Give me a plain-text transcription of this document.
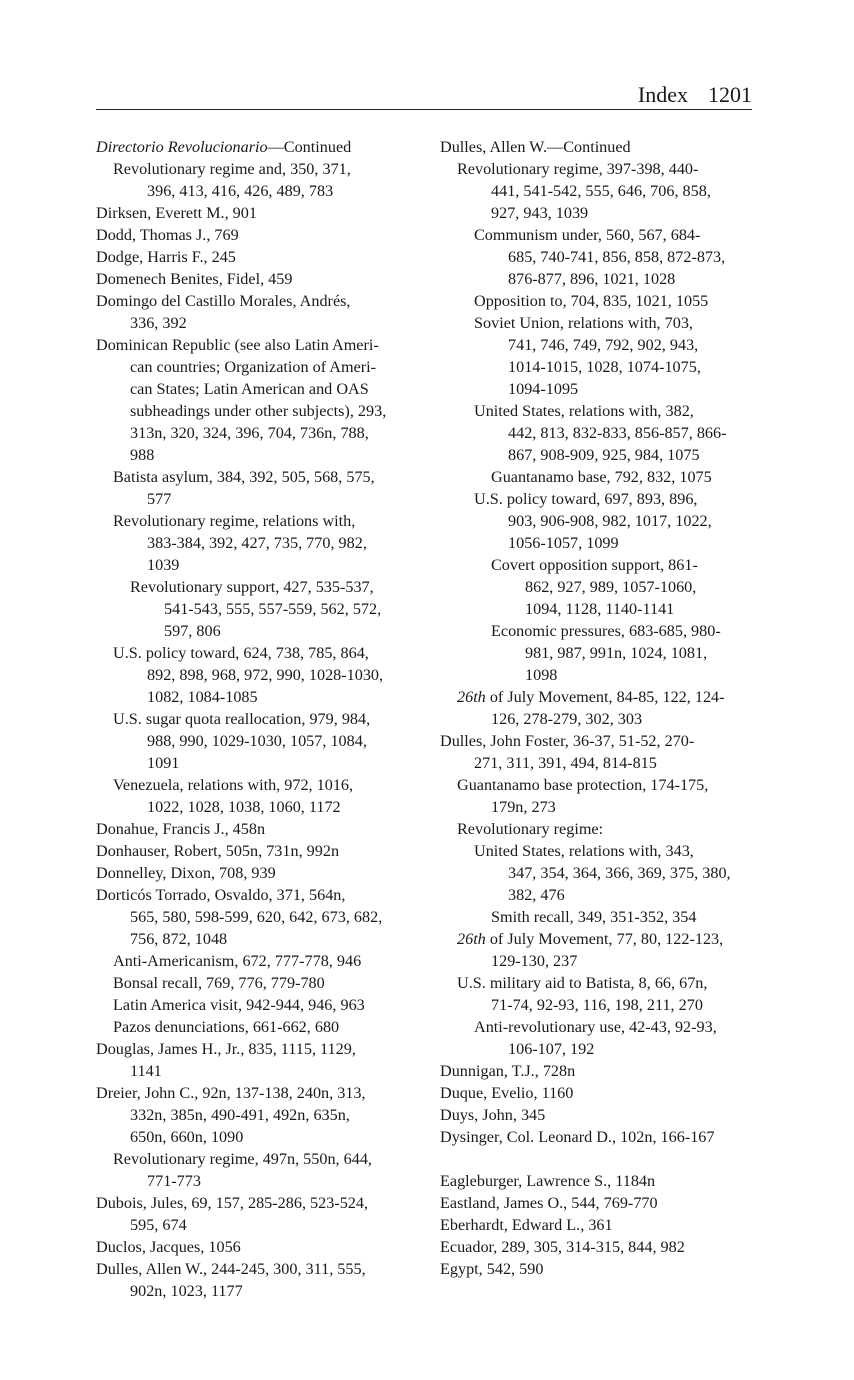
Index 1201
Directorio Revolucionario—Continued
Revolutionary regime and, 350, 371,
396, 413, 416, 426, 489, 783
Dirksen, Everett M., 901
Dodd, Thomas J., 769
Dodge, Harris F., 245
Domenech Benites, Fidel, 459
Domingo del Castillo Morales, Andrés,
336, 392
Dominican Republic (see also Latin Ameri-
can countries; Organization of Ameri-
can States; Latin American and OAS
subheadings under other subjects), 293,
313n, 320, 324, 396, 704, 736n, 788,
988
Batista asylum, 384, 392, 505, 568, 575,
577
Revolutionary regime, relations with,
383-384, 392, 427, 735, 770, 982,
1039
Revolutionary support, 427, 535-537,
541-543, 555, 557-559, 562, 572,
597, 806
U.S. policy toward, 624, 738, 785, 864,
892, 898, 968, 972, 990, 1028-1030,
1082, 1084-1085
U.S. sugar quota reallocation, 979, 984,
988, 990, 1029-1030, 1057, 1084,
1091
Venezuela, relations with, 972, 1016,
1022, 1028, 1038, 1060, 1172
Donahue, Francis J., 458n
Donhauser, Robert, 505n, 731n, 992n
Donnelley, Dixon, 708, 939
Dorticós Torrado, Osvaldo, 371, 564n,
565, 580, 598-599, 620, 642, 673, 682,
756, 872, 1048
Anti-Americanism, 672, 777-778, 946
Bonsal recall, 769, 776, 779-780
Latin America visit, 942-944, 946, 963
Pazos denunciations, 661-662, 680
Douglas, James H., Jr., 835, 1115, 1129,
1141
Dreier, John C., 92n, 137-138, 240n, 313,
332n, 385n, 490-491, 492n, 635n,
650n, 660n, 1090
Revolutionary regime, 497n, 550n, 644,
771-773
Dubois, Jules, 69, 157, 285-286, 523-524,
595, 674
Duclos, Jacques, 1056
Dulles, Allen W., 244-245, 300, 311, 555,
902n, 1023, 1177
Dulles, Allen W.—Continued
Revolutionary regime, 397-398, 440-
441, 541-542, 555, 646, 706, 858,
927, 943, 1039
Communism under, 560, 567, 684-
685, 740-741, 856, 858, 872-873,
876-877, 896, 1021, 1028
Opposition to, 704, 835, 1021, 1055
Soviet Union, relations with, 703,
741, 746, 749, 792, 902, 943,
1014-1015, 1028, 1074-1075,
1094-1095
United States, relations with, 382,
442, 813, 832-833, 856-857, 866-
867, 908-909, 925, 984, 1075
Guantanamo base, 792, 832, 1075
U.S. policy toward, 697, 893, 896,
903, 906-908, 982, 1017, 1022,
1056-1057, 1099
Covert opposition support, 861-
862, 927, 989, 1057-1060,
1094, 1128, 1140-1141
Economic pressures, 683-685, 980-
981, 987, 991n, 1024, 1081,
1098
26th of July Movement, 84-85, 122, 124-
126, 278-279, 302, 303
Dulles, John Foster, 36-37, 51-52, 270-
271, 311, 391, 494, 814-815
Guantanamo base protection, 174-175,
179n, 273
Revolutionary regime:
United States, relations with, 343,
347, 354, 364, 366, 369, 375, 380,
382, 476
Smith recall, 349, 351-352, 354
26th of July Movement, 77, 80, 122-123,
129-130, 237
U.S. military aid to Batista, 8, 66, 67n,
71-74, 92-93, 116, 198, 211, 270
Anti-revolutionary use, 42-43, 92-93,
106-107, 192
Dunnigan, T.J., 728n
Duque, Evelio, 1160
Duys, John, 345
Dysinger, Col. Leonard D., 102n, 166-167
Eagleburger, Lawrence S., 1184n
Eastland, James O., 544, 769-770
Eberhardt, Edward L., 361
Ecuador, 289, 305, 314-315, 844, 982
Egypt, 542, 590
